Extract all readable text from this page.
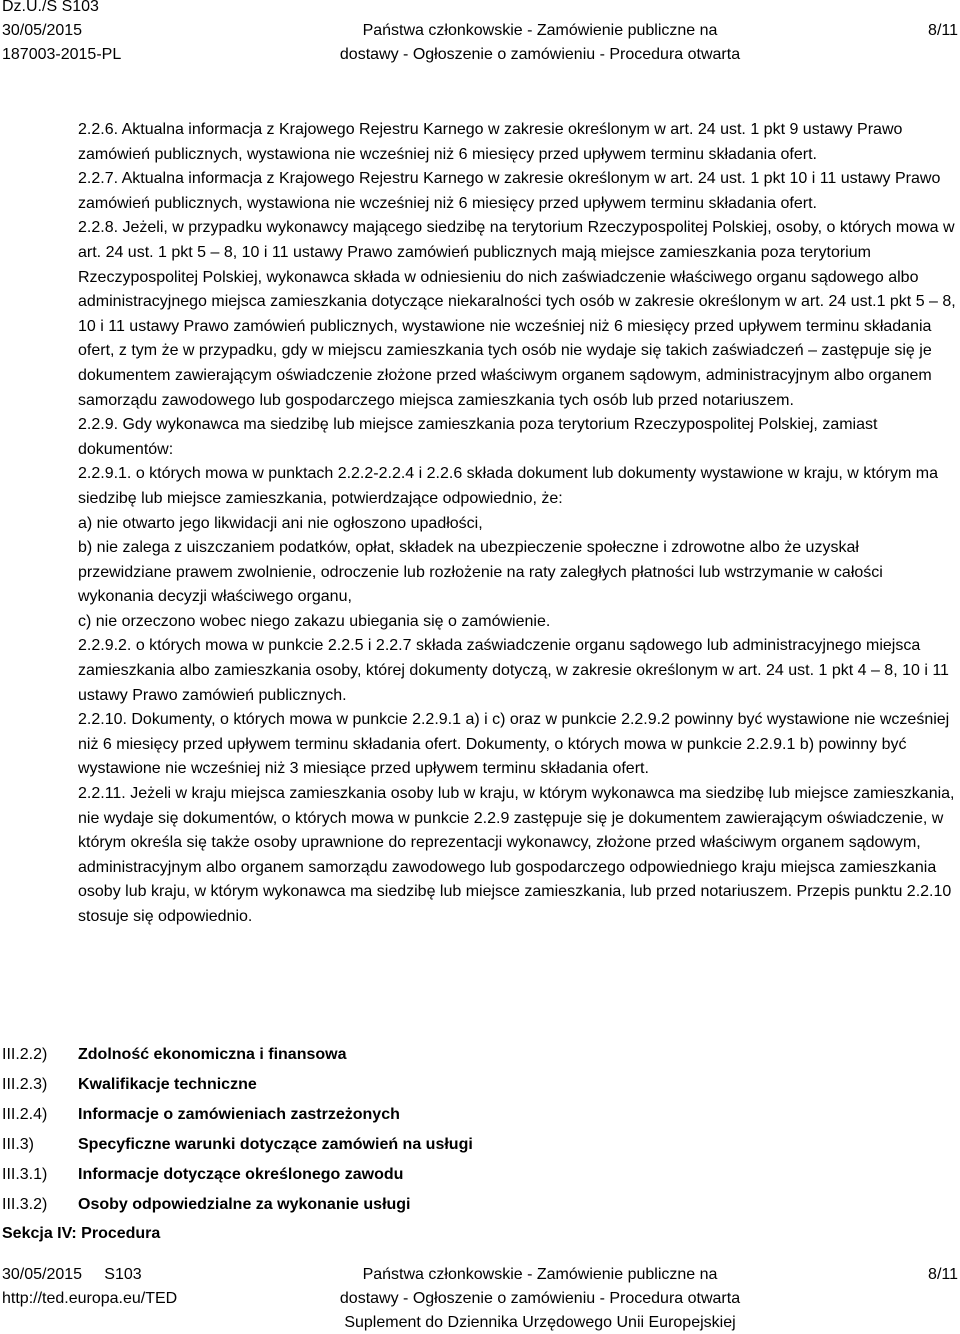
Dz.U./S S103
30/05/2015
187003-2015-PL
Państwa członkowskie - Zamówienie publiczne na
dostawy - Ogłoszenie o zamówieniu - Procedura otwarta
8/11

2.2.6. Aktualna informacja z Krajowego Rejestru Karnego w zakresie określonym w art. 24 ust. 1 pkt 9 ustawy Prawo zamówień publicznych, wystawiona nie wcześniej niż 6 miesięcy przed upływem terminu składania ofert.

2.2.7. Aktualna informacja z Krajowego Rejestru Karnego w zakresie określonym w art. 24 ust. 1 pkt 10 i 11 ustawy Prawo zamówień publicznych, wystawiona nie wcześniej niż 6 miesięcy przed upływem terminu składania ofert.

2.2.8. Jeżeli, w przypadku wykonawcy mającego siedzibę na terytorium Rzeczypospolitej Polskiej, osoby, o których mowa w art. 24 ust. 1 pkt 5 – 8, 10 i 11 ustawy Prawo zamówień publicznych mają miejsce zamieszkania poza terytorium Rzeczypospolitej Polskiej, wykonawca składa w odniesieniu do nich zaświadczenie właściwego organu sądowego albo administracyjnego miejsca zamieszkania dotyczące niekaralności tych osób w zakresie określonym w art. 24 ust.1 pkt 5 – 8, 10 i 11 ustawy Prawo zamówień publicznych, wystawione nie wcześniej niż 6 miesięcy przed upływem terminu składania ofert, z tym że w przypadku, gdy w miejscu zamieszkania tych osób nie wydaje się takich zaświadczeń – zastępuje się je dokumentem zawierającym oświadczenie złożone przed właściwym organem sądowym, administracyjnym albo organem samorządu zawodowego lub gospodarczego miejsca zamieszkania tych osób lub przed notariuszem.

2.2.9. Gdy wykonawca ma siedzibę lub miejsce zamieszkania poza terytorium Rzeczypospolitej Polskiej, zamiast dokumentów:

2.2.9.1. o których mowa w punktach 2.2.2-2.2.4 i 2.2.6 składa dokument lub dokumenty wystawione w kraju, w którym ma siedzibę lub miejsce zamieszkania, potwierdzające odpowiednio, że:

a) nie otwarto jego likwidacji ani nie ogłoszono upadłości,

b) nie zalega z uiszczaniem podatków, opłat, składek na ubezpieczenie społeczne i zdrowotne albo że uzyskał przewidziane prawem zwolnienie, odroczenie lub rozłożenie na raty zaległych płatności lub wstrzymanie w całości wykonania decyzji właściwego organu,

c) nie orzeczono wobec niego zakazu ubiegania się o zamówienie.

2.2.9.2. o których mowa w punkcie 2.2.5 i 2.2.7 składa zaświadczenie organu sądowego lub administracyjnego miejsca zamieszkania albo zamieszkania osoby, której dokumenty dotyczą, w zakresie określonym w art. 24 ust. 1 pkt 4 – 8, 10 i 11 ustawy Prawo zamówień publicznych.

2.2.10. Dokumenty, o których mowa w punkcie 2.2.9.1 a) i c) oraz w punkcie 2.2.9.2 powinny być wystawione nie wcześniej niż 6 miesięcy przed upływem terminu składania ofert. Dokumenty, o których mowa w punkcie 2.2.9.1 b) powinny być wystawione nie wcześniej niż 3 miesiące przed upływem terminu składania ofert.

2.2.11. Jeżeli w kraju miejsca zamieszkania osoby lub w kraju, w którym wykonawca ma siedzibę lub miejsce zamieszkania, nie wydaje się dokumentów, o których mowa w punkcie 2.2.9 zastępuje się je dokumentem zawierającym oświadczenie, w którym określa się także osoby uprawnione do reprezentacji wykonawcy, złożone przed właściwym organem sądowym, administracyjnym albo organem samorządu zawodowego lub gospodarczego odpowiedniego kraju miejsca zamieszkania osoby lub kraju, w którym wykonawca ma siedzibę lub miejsce zamieszkania, lub przed notariuszem. Przepis punktu 2.2.10 stosuje się odpowiednio.

III.2.2) Zdolność ekonomiczna i finansowa
III.2.3) Kwalifikacje techniczne
III.2.4) Informacje o zamówieniach zastrzeżonych
III.3)	Specyficzne warunki dotyczące zamówień na usługi
III.3.1) Informacje dotyczące określonego zawodu
III.3.2) Osoby odpowiedzialne za wykonanie usługi
Sekcja IV: Procedura
30/05/2015     S103
http://ted.europa.eu/TED
Państwa członkowskie - Zamówienie publiczne na
dostawy - Ogłoszenie o zamówieniu - Procedura otwarta
Suplement do Dziennika Urzędowego Unii Europejskiej
8/11
